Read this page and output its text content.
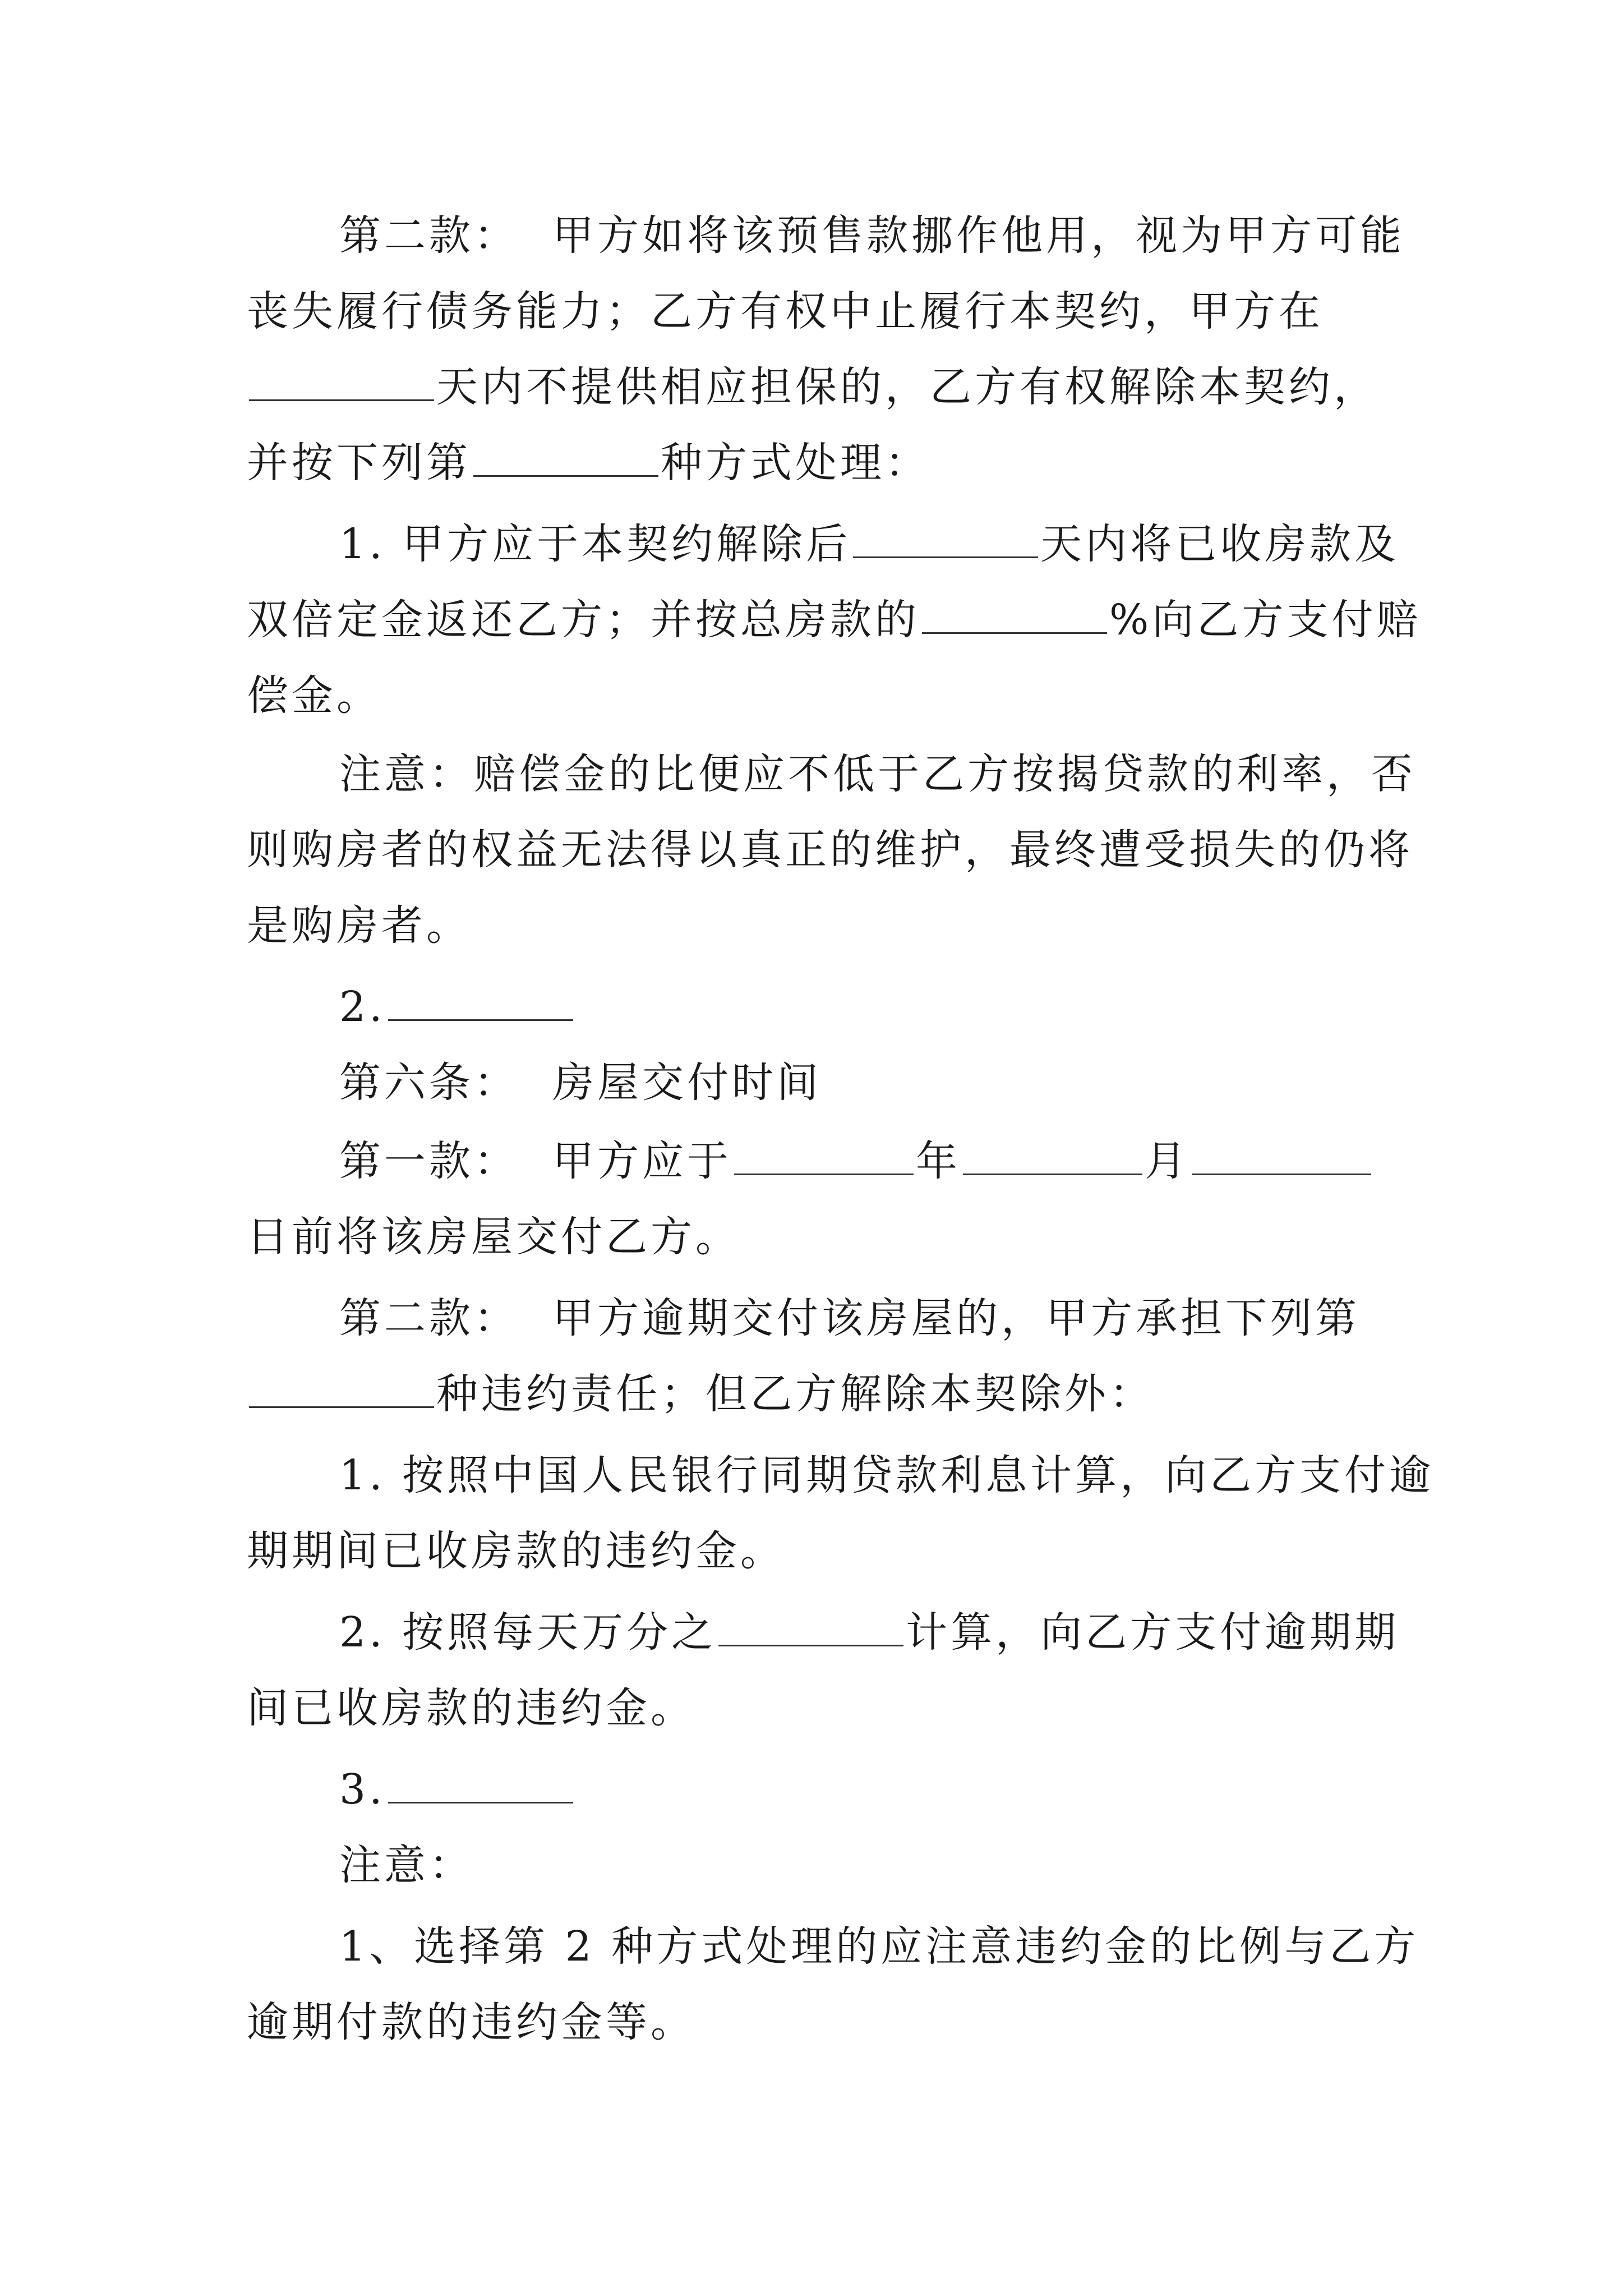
第二款： 甲方如将该预售款挪作他用，视为甲方可能
丧失履行债务能力；乙方有权中止履行本契约，甲方在
天内不提供相应担保的，乙方有权解除本契约，
并按下列第	种方式处理：
1. 甲方应于本契约解除后	天内将已收房款及
双倍定金返还乙方；并按总房款的	%向乙方支付赔
偿金。
注意：赔偿金的比便应不低于乙方按揭贷款的利率，否
则购房者的权益无法得以真正的维护，最终遭受损失的仍将
是购房者。
2.
第六条： 房屋交付时间
第一款： 甲方应于	年	月
日前将该房屋交付乙方。
第二款： 甲方逾期交付该房屋的，甲方承担下列第
种违约责任；但乙方解除本契除外：
1. 按照中国人民银行同期贷款利息计算，向乙方支付逾
期期间已收房款的违约金。
2. 按照每天万分之	计算，向乙方支付逾期期
间已收房款的违约金。
3.
注意：
1、选择第 2 种方式处理的应注意违约金的比例与乙方
逾期付款的违约金等。
